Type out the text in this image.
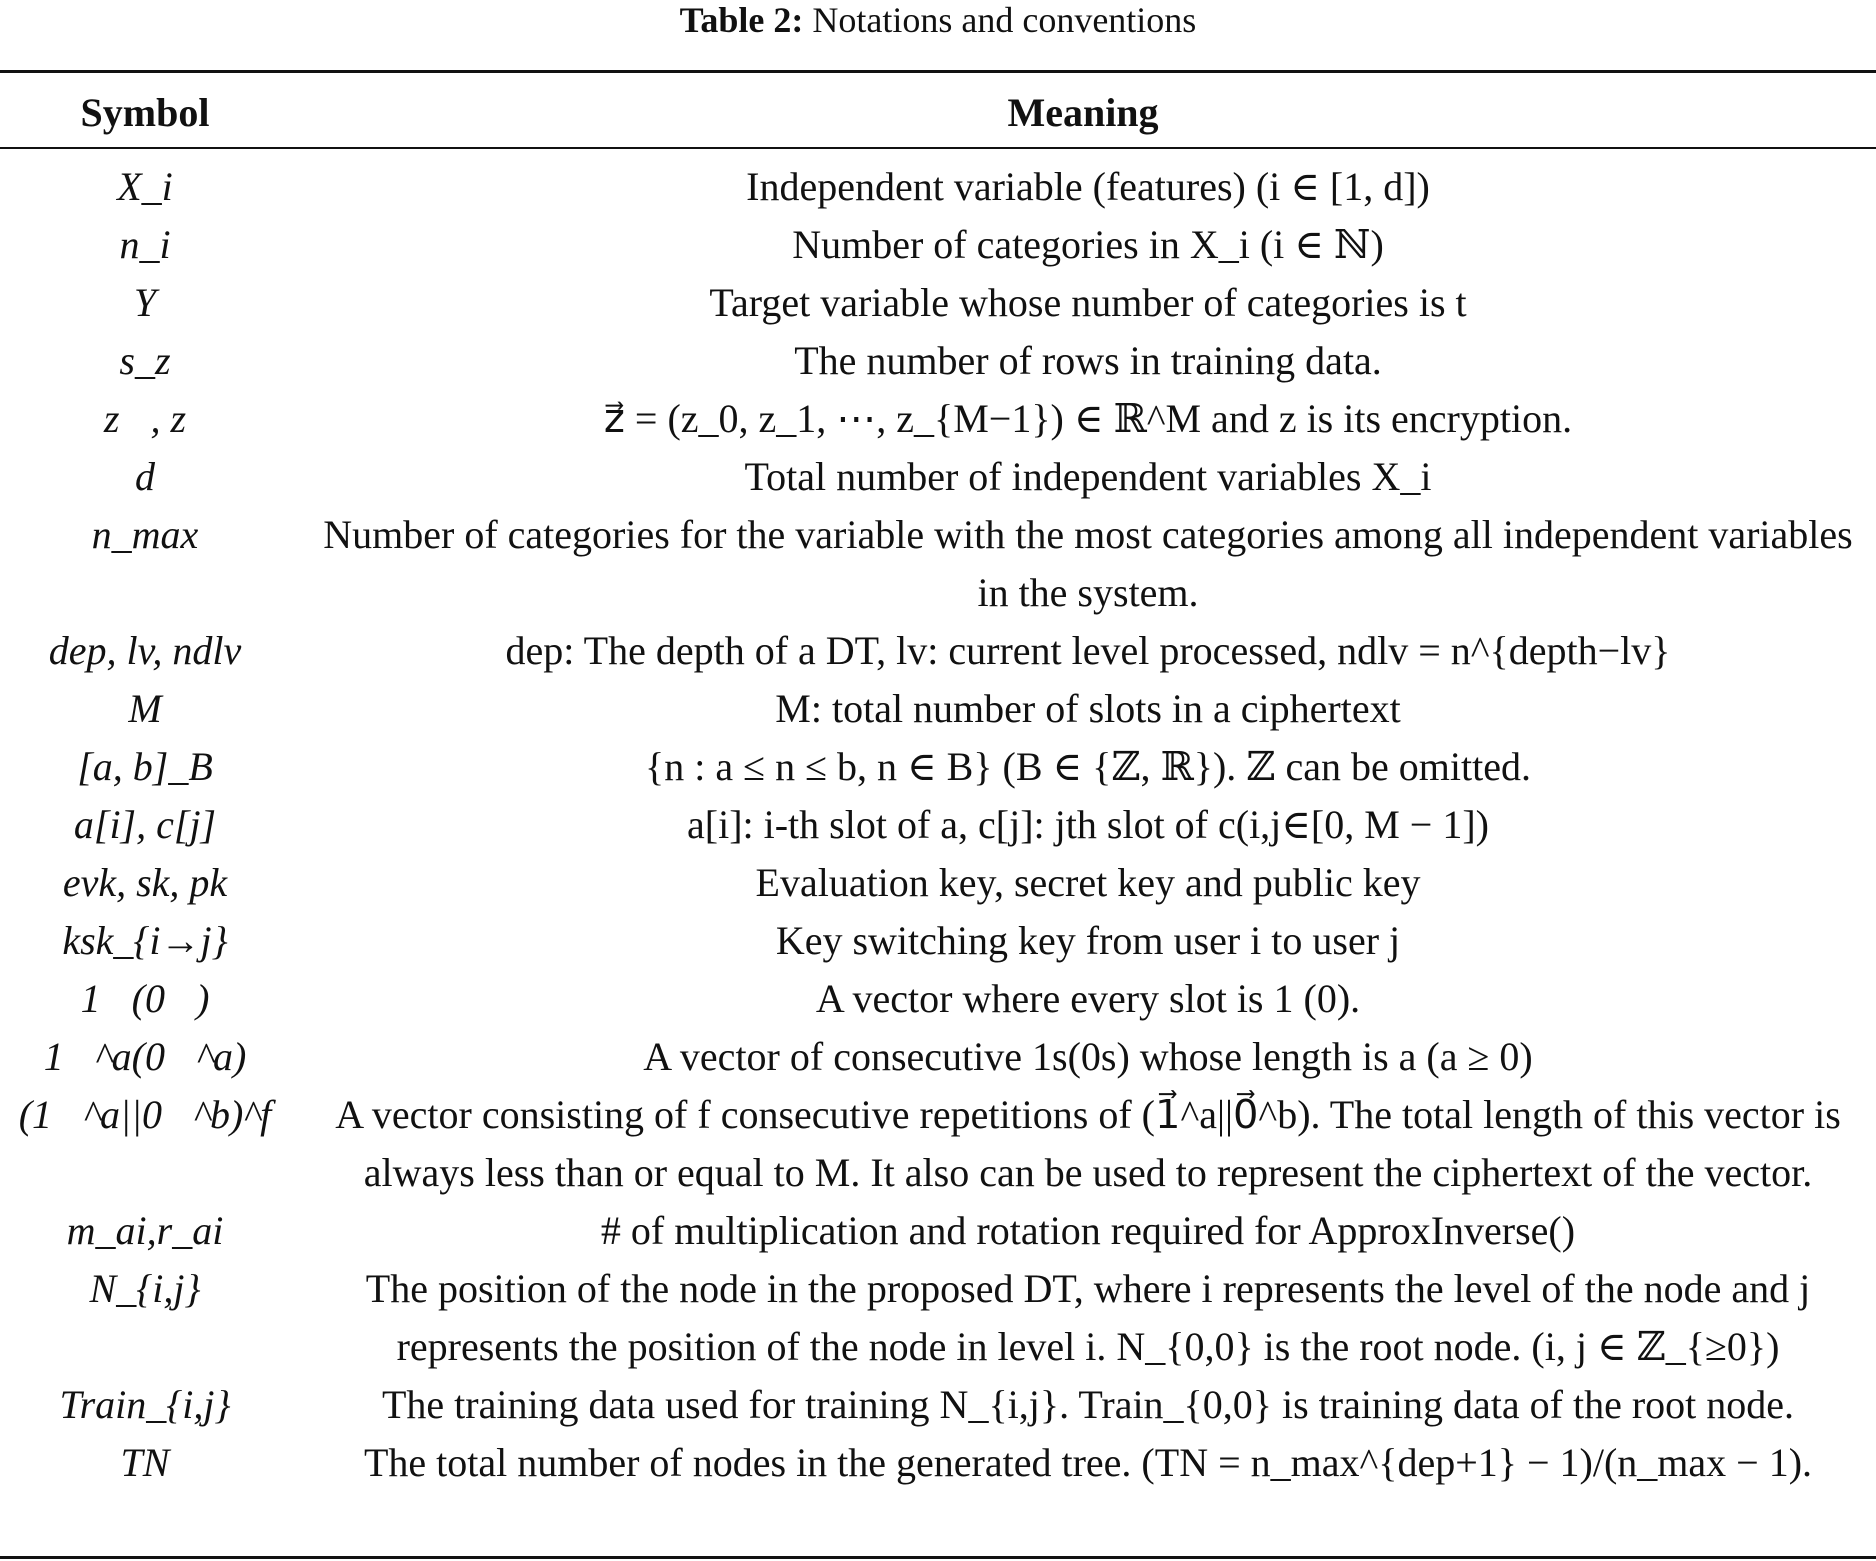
Table 2: Notations and conventions
Symbol	Meaning
X_i	Independent variable (features) (i ∈ [1, d])
n_i	Number of categories in X_i (i ∈ ℕ)
Y	Target variable whose number of categories is t
s_z	The number of rows in training data.
z⃗, z	z⃗ = (z_0, z_1, ⋯, z_{M−1}) ∈ ℝ^M and z is its encryption.
d	Total number of independent variables X_i
n_max	Number of categories for the variable with the most categories among all independent variables in the system.
dep, lv, ndlv	dep: The depth of a DT, lv: current level processed, ndlv = n^{depth−lv}
M	M: total number of slots in a ciphertext
[a, b]_B	{n : a ≤ n ≤ b, n ∈ B} (B ∈ {ℤ, ℝ}). ℤ can be omitted.
a[i], c[j]	a[i]: i-th slot of a, c[j]: jth slot of c(i,j∈[0, M − 1])
evk, sk, pk	Evaluation key, secret key and public key
ksk_{i→j}	Key switching key from user i to user j
1⃗(0⃗)	A vector where every slot is 1 (0).
1⃗^a(0⃗^a)	A vector of consecutive 1s(0s) whose length is a (a ≥ 0)
(1⃗^a||0⃗^b)^f	A vector consisting of f consecutive repetitions of (1⃗^a||0⃗^b). The total length of this vector is always less than or equal to M. It also can be used to represent the ciphertext of the vector.
m_ai,r_ai	# of multiplication and rotation required for ApproxInverse()
N_{i,j}	The position of the node in the proposed DT, where i represents the level of the node and j represents the position of the node in level i. N_{0,0} is the root node. (i, j ∈ ℤ_{≥0})
Train_{i,j}	The training data used for training N_{i,j}. Train_{0,0} is training data of the root node.
TN	The total number of nodes in the generated tree. (TN = n_max^{dep+1} − 1)/(n_max − 1).
